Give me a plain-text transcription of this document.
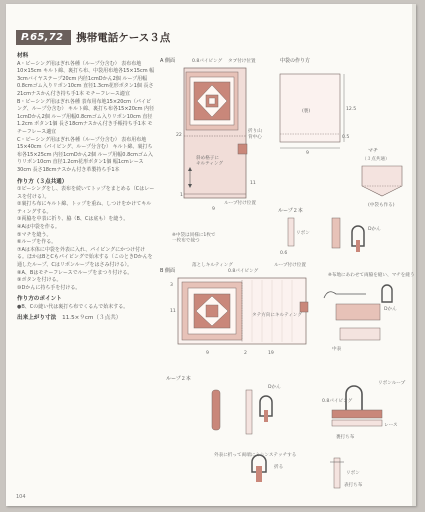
P.65,72	携帯電話ケース３点
材料

A・ピーシング用はぎれ各種（ループ分含む） 表布布地10×15cm キルト綿、裏打ち布、中袋用布地各15×15cm 幅3cmバイヤステープ20cm 内径1cmDかん2個 ループ用幅0.8cmゴム入りリボン10cm 直径1.3cm花形ボタン1個 長さ21cmナスかん付き持ち手1本 モチーフレース適宜

B・ピーシング用はぎれ各種 表布用布地15×20cm（パイピング、ループ分含む） キルト綿、裏打ち布各15×20cm 内径1cmDかん2個 ループ用幅0.8cmゴム入りリボン10cm 直径1.2cm ボタン1個 長さ18cmナスかん付き手帳持ち手1本 モチーフレース適宜

C・ピーシング用はぎれ各種（ループ分含む） 表布用布地15×40cm（パイピング、ループ分含む） キルト綿、裏打ち布各15×25cm 内径1cmDかん2個 ループ用幅0.8cmゴム入りリボン10cm 直径1.2cm花形ボタン1個 幅1cmレース30cm 長さ18cmナスかん付き革製持ち手1本

作り方（３点共通）

①ピーシングをし、表布を続いてトップをまとめる（Cはレースを付ける）。

②裏打ち布にキルト綿、トップを重ね、しつけをかけてキルティングする。

③両脇を中表に折り、脇（B、Cは底も）を縫う。

④Aは中袋を作る。

⑤マチを縫う。

⑥ループを作る。

⑦Aは本体に中袋を外表に入れ、パイピングにかつけ付ける。ほかはBとCもパイピングで始末する（このときDかんを通したループ、Cはリボンループをはさみ付ける）。

⑧A、Bはモチーフレースでループをまつり付ける。

⑨ボタンを付ける。

⑩Dかんに持ち手を付ける。

作り方のポイント

●B、Cの縫い代は裏打ち布でくるんで始末する。

出来上がり寸法 11.5×９cm（３点共）
104
A 側面	0.8パイピング タブ付け位置
斜め格子にキルティング
背中心
折り山
ループ付け位置
22
11
9
1
※中袋は同様に1枚で一枚布で裁つ
中袋の作り方
(裏)	12.5
9
0.5
マチ
（３点共通）
(中袋も作る)
ループ２本
リボン
Dかん
0.6
B 側面
落としキルティング
0.8パイピング
ループ付け位置
タテ方向にキルティング
11
9	19
3
2
ループ２本
Dかん
外表に折って両端にミシンステッチする
折る
※布地にあわせて両脇を縫い、マチを縫う
中表
Dかん
0.8パイピング
リボンループ
レース
裏打ち布
リボン
表打ち布
